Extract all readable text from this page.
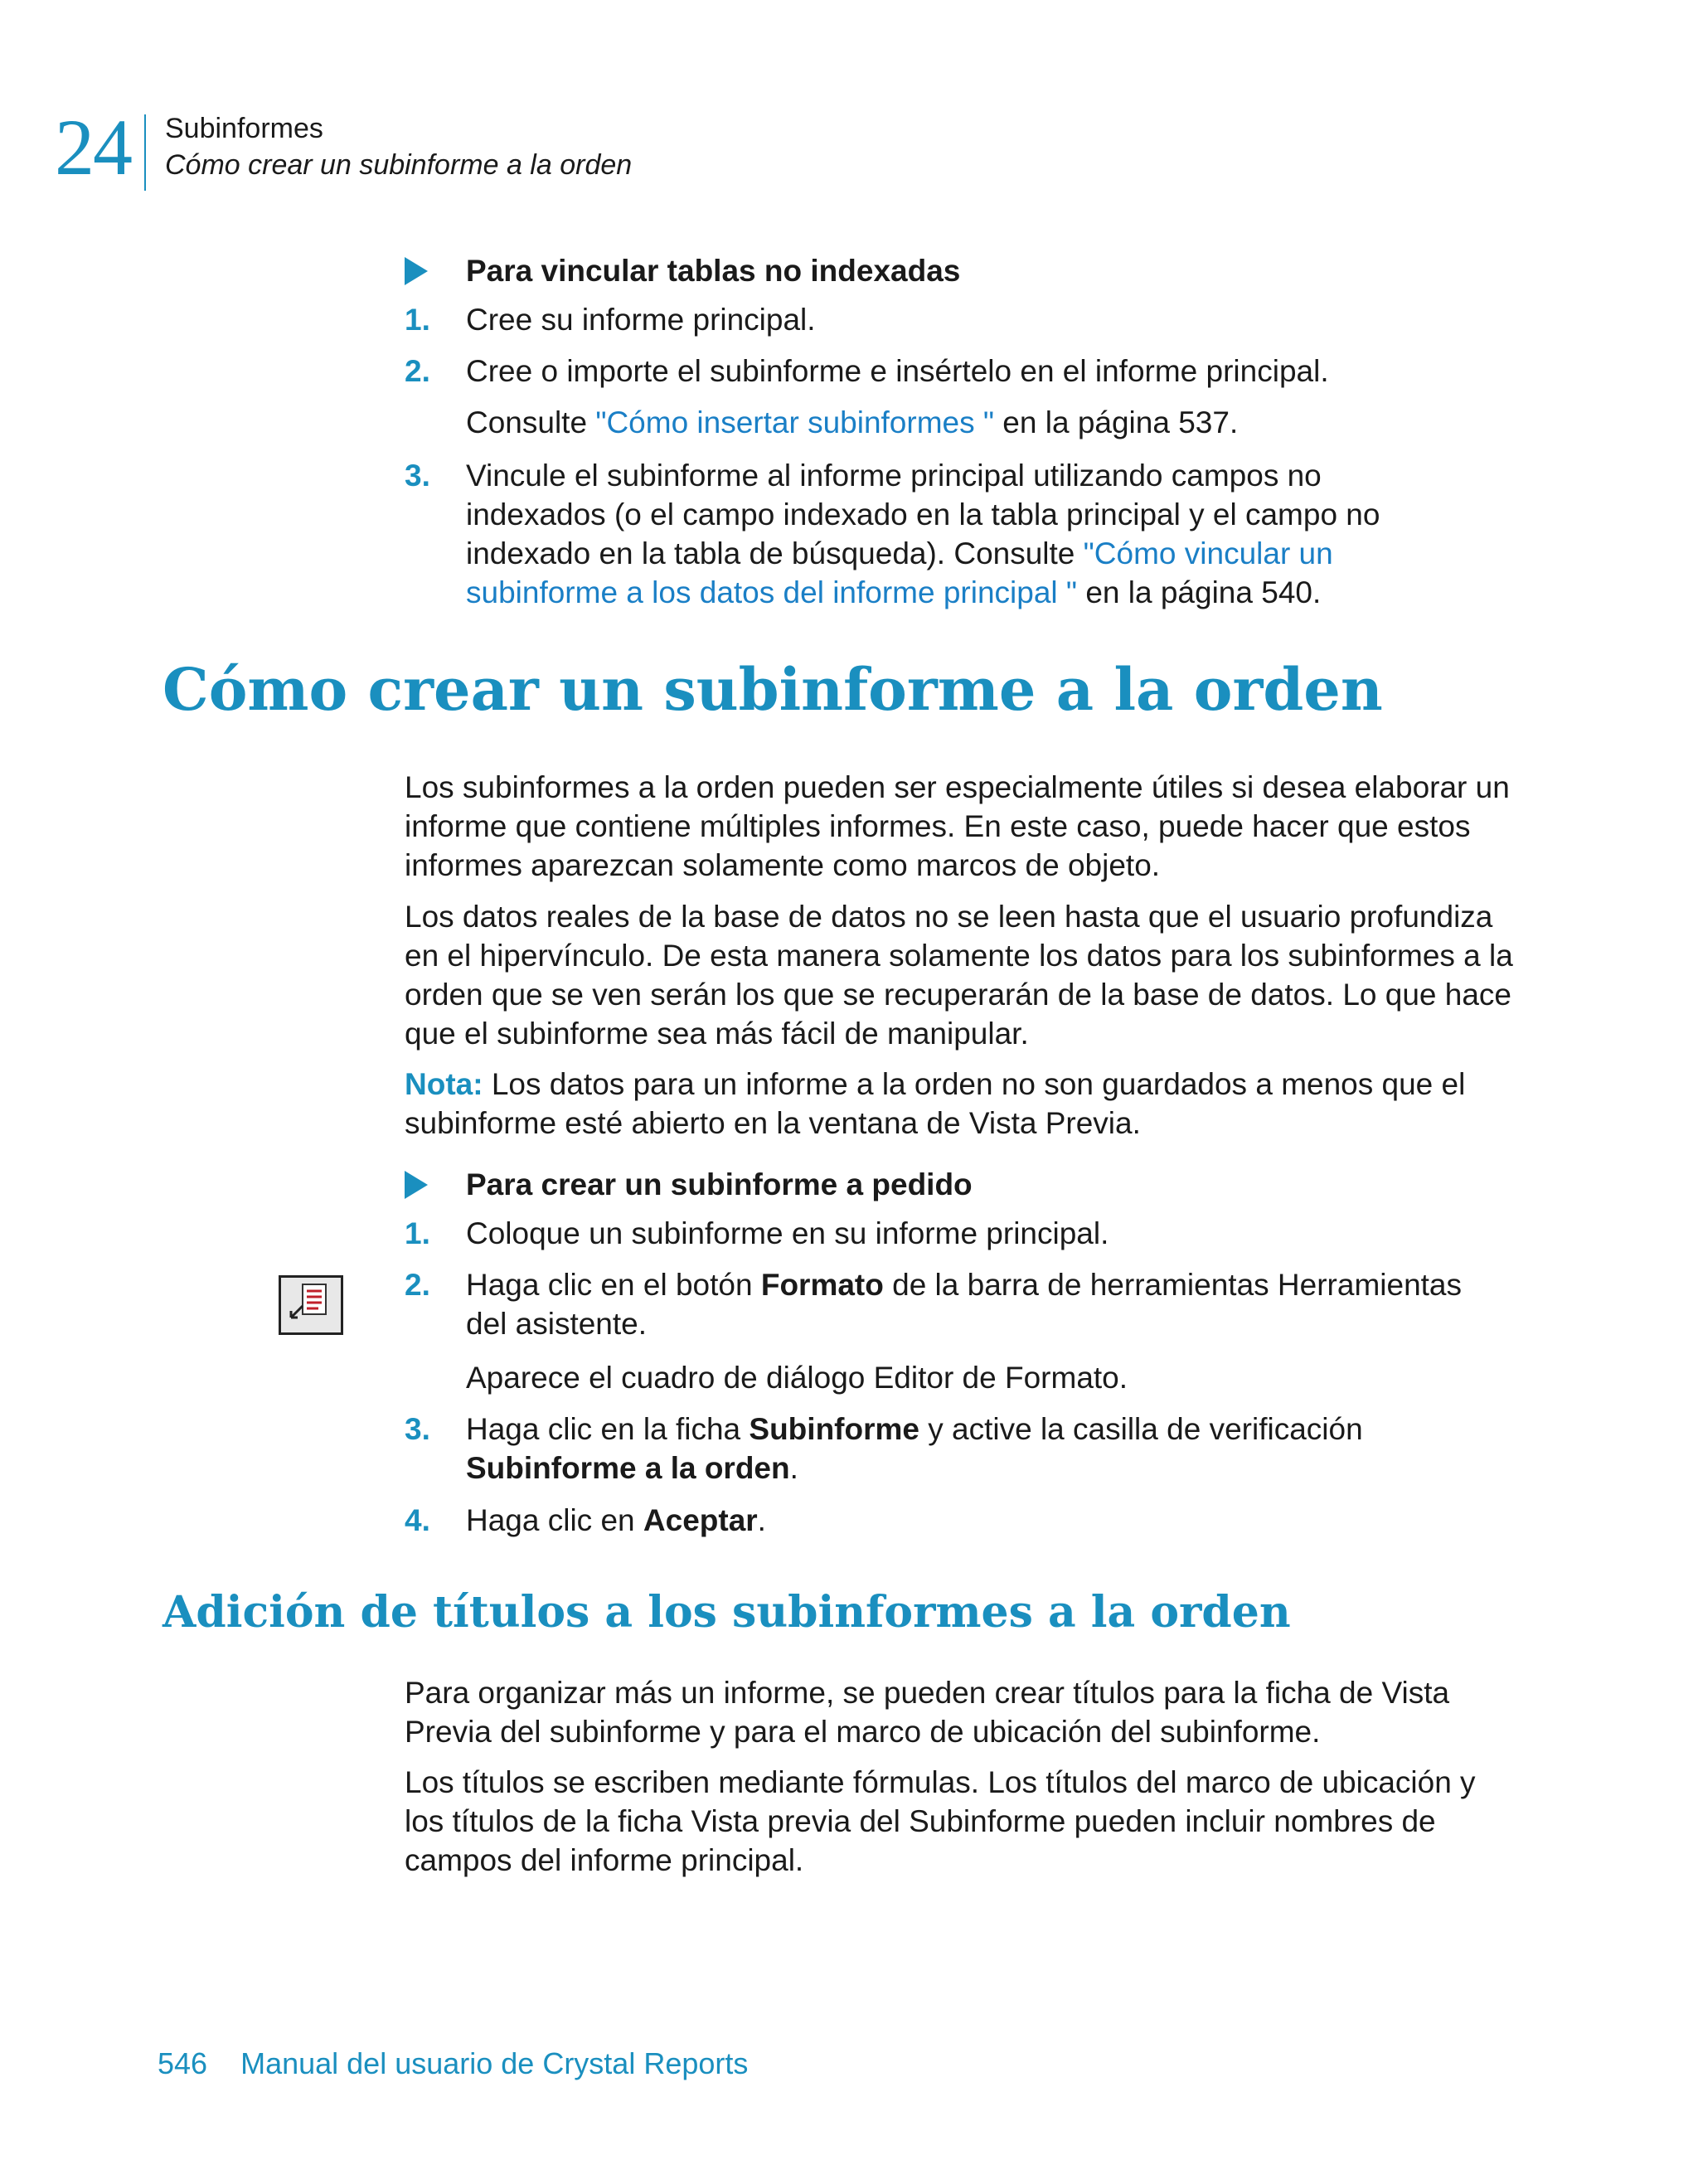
24 Subinformes
Cómo crear un subinforme a la orden
Para vincular tablas no indexadas
1. Cree su informe principal.
2. Cree o importe el subinforme e insértelo en el informe principal.
Consulte "Cómo insertar subinformes " en la página 537.
3. Vincule el subinforme al informe principal utilizando campos no indexados (o el campo indexado en la tabla principal y el campo no indexado en la tabla de búsqueda). Consulte "Cómo vincular un subinforme a los datos del informe principal " en la página 540.
Cómo crear un subinforme a la orden

Los subinformes a la orden pueden ser especialmente útiles si desea elaborar un informe que contiene múltiples informes. En este caso, puede hacer que estos informes aparezcan solamente como marcos de objeto.

Los datos reales de la base de datos no se leen hasta que el usuario profundiza en el hipervínculo. De esta manera solamente los datos para los subinformes a la orden que se ven serán los que se recuperarán de la base de datos. Lo que hace que el subinforme sea más fácil de manipular.

Nota: Los datos para un informe a la orden no son guardados a menos que el subinforme esté abierto en la ventana de Vista Previa.

Para crear un subinforme a pedido
1. Coloque un subinforme en su informe principal.
2. Haga clic en el botón Formato de la barra de herramientas Herramientas del asistente.
Aparece el cuadro de diálogo Editor de Formato.
3. Haga clic en la ficha Subinforme y active la casilla de verificación Subinforme a la orden.
4. Haga clic en Aceptar.
Adición de títulos a los subinformes a la orden

Para organizar más un informe, se pueden crear títulos para la ficha de Vista Previa del subinforme y para el marco de ubicación del subinforme.

Los títulos se escriben mediante fórmulas. Los títulos del marco de ubicación y los títulos de la ficha Vista previa del Subinforme pueden incluir nombres de campos del informe principal.

546 Manual del usuario de Crystal Reports
